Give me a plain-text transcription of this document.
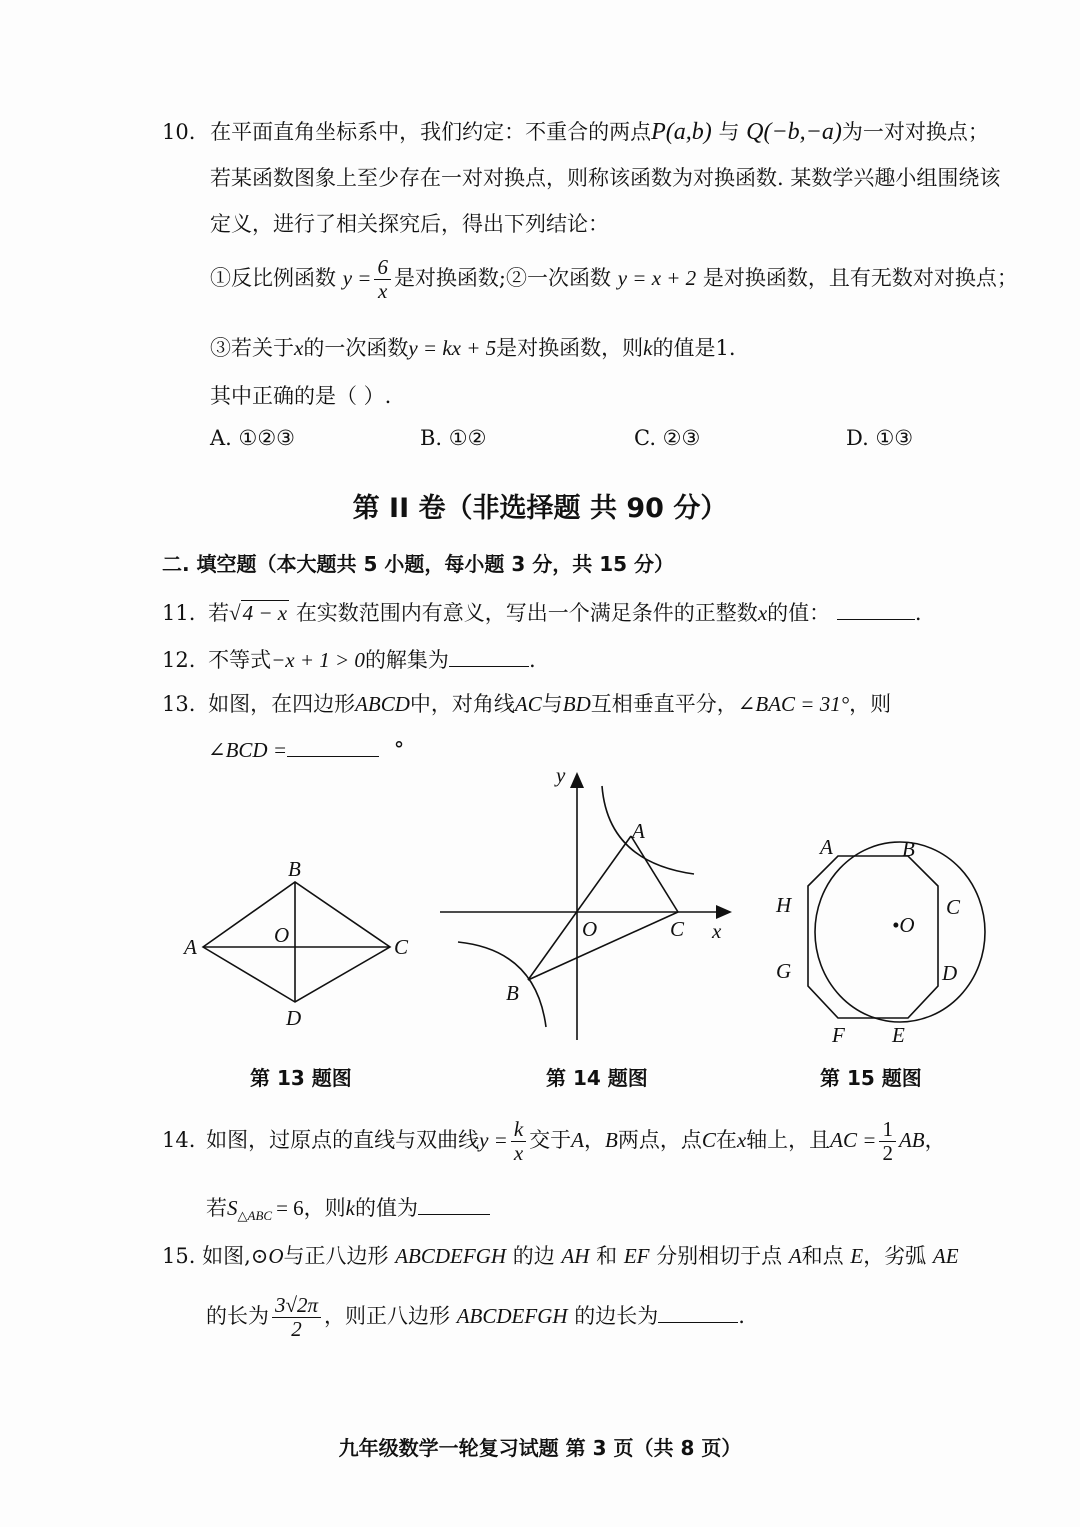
10. 在平面直角坐标系中，我们约定：不重合的两点P(a,b) 与 Q(−b,−a)为一对对换点；
若某函数图象上至少存在一对对换点，则称该函数为对换函数. 某数学兴趣小组围绕该
定义，进行了相关探究后，得出下列结论：
①反比例函数 $y = \frac{6}{x}$ 是对换函数;②一次函数 y = x + 2 是对换函数，且有无数对对换点；
③若关于x的一次函数y = kx + 5是对换函数，则k的值是1.
其中正确的是（ ）.
A. ①②③	B. ①②	C. ②③	D. ①③
第 II 卷（非选择题 共 90 分）
二. 填空题（本大题共 5 小题，每小题 3 分，共 15 分）
11. 若√4 − x 在实数范围内有意义，写出一个满足条件的正整数x的值：	.
12. 不等式−x + 1 > 0的解集为	.
13. 如图，在四边形ABCD中，对角线AC与BD互相垂直平分，∠BAC = 31°，则
∠BCD =	°
A
B
C
D
O
第 13 题图
y
x
A
B
C
O
第 14 题图
A	B
C
D
E
F
G
H
•O
第 15 题图
14. 如图，过原点的直线与双曲线$y = \frac{k}{x}$ 交于A，B两点，点C在x轴上，且AC = $\frac{1}{2}$ AB，
若$S_{\triangle ABC} = 6$，则k的值为
15. 如图,⊙O与正八边形 ABCDEFGH 的边 AH 和 EF 分别相切于点 A和点 E，劣弧 AE
的长为 $\frac{3√2\pi}{2}$ ，则正八边形 ABCDEFGH 的边长为	.
九年级数学一轮复习试题 第 3 页（共 8 页）
